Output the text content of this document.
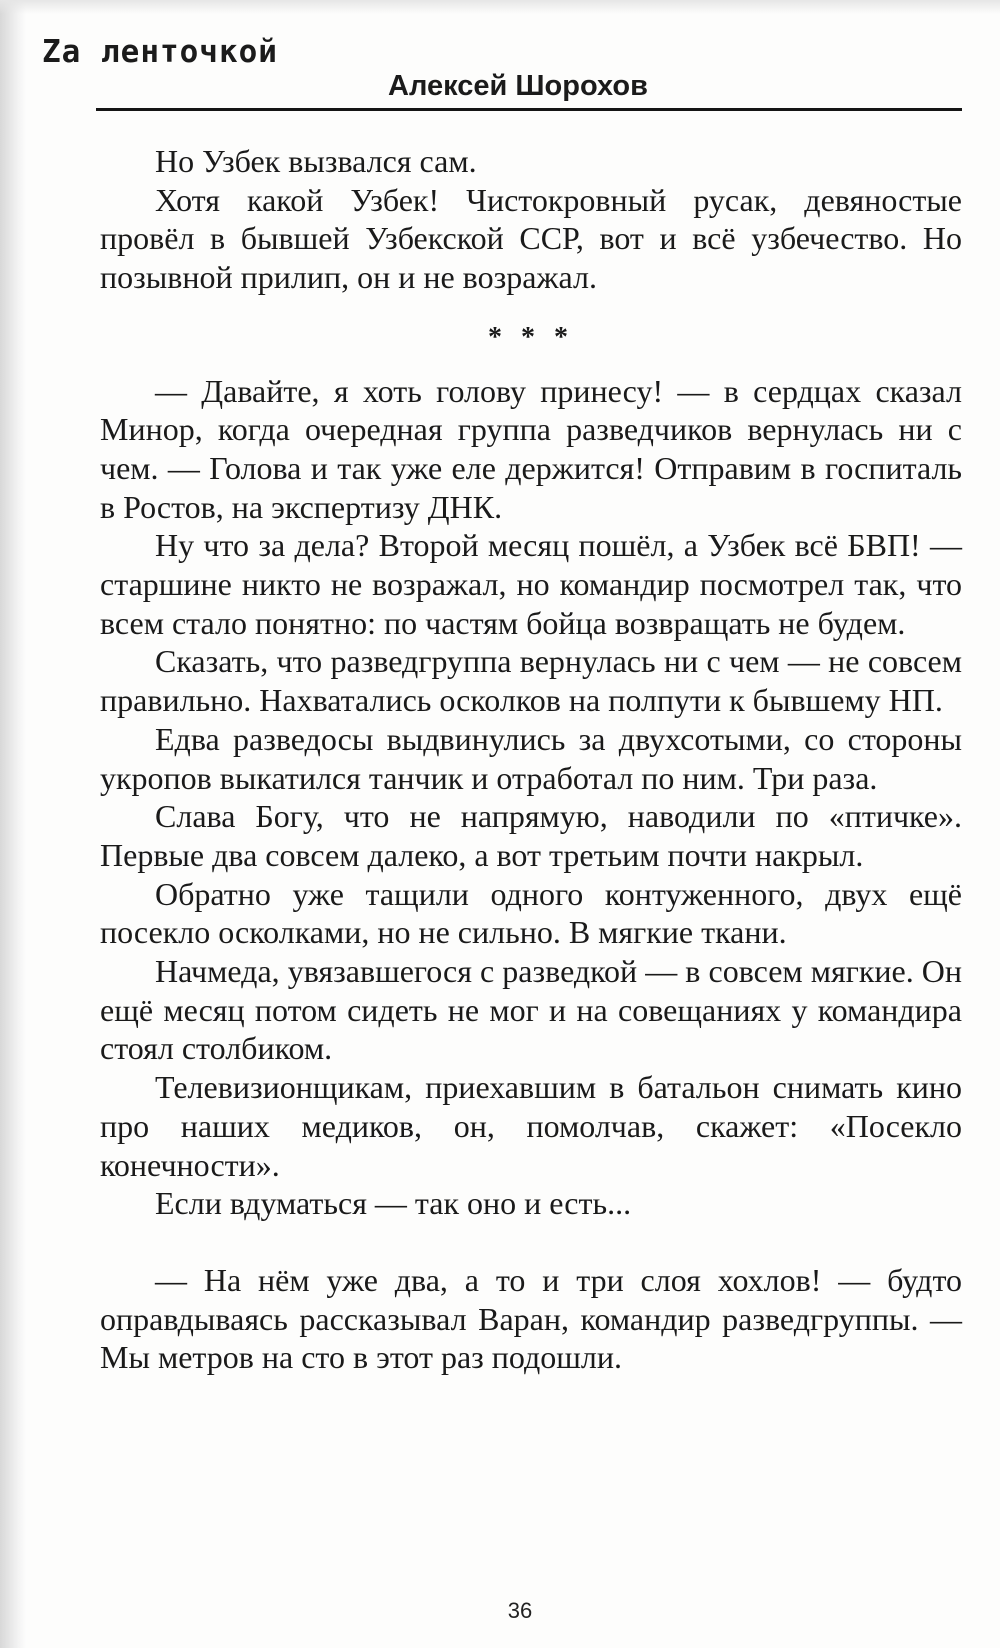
Zа ленточкой
Алексей Шорохов

Но Узбек вызвался сам.

Хотя какой Узбек! Чистокровный русак, девяностые провёл в бывшей Узбекской ССР, вот и всё узбечество. Но позывной прилип, он и не возражал.

* * *

— Давайте, я хоть голову принесу! — в сердцах сказал Минор, когда очередная группа разведчиков вернулась ни с чем. — Голова и так уже еле держится! Отправим в госпиталь в Ростов, на экспертизу ДНК.

Ну что за дела? Второй месяц пошёл, а Узбек всё БВП! — старшине никто не возражал, но командир посмотрел так, что всем стало понятно: по частям бойца возвращать не будем.

Сказать, что разведгруппа вернулась ни с чем — не совсем правильно. Нахватались осколков на полпути к бывшему НП.

Едва разведосы выдвинулись за двухсотыми, со стороны укропов выкатился танчик и отработал по ним. Три раза.

Слава Богу, что не напрямую, наводили по «птичке». Первые два совсем далеко, а вот третьим почти накрыл.

Обратно уже тащили одного контуженного, двух ещё посекло осколками, но не сильно. В мягкие ткани.

Начмеда, увязавшегося с разведкой — в совсем мягкие. Он ещё месяц потом сидеть не мог и на совещаниях у командира стоял столбиком.

Телевизионщикам, приехавшим в батальон снимать кино про наших медиков, он, помолчав, скажет: «Посекло конечности».

Если вдуматься — так оно и есть...

— На нём уже два, а то и три слоя хохлов! — будто оправдываясь рассказывал Варан, командир разведгруппы. — Мы метров на сто в этот раз подошли.

36
